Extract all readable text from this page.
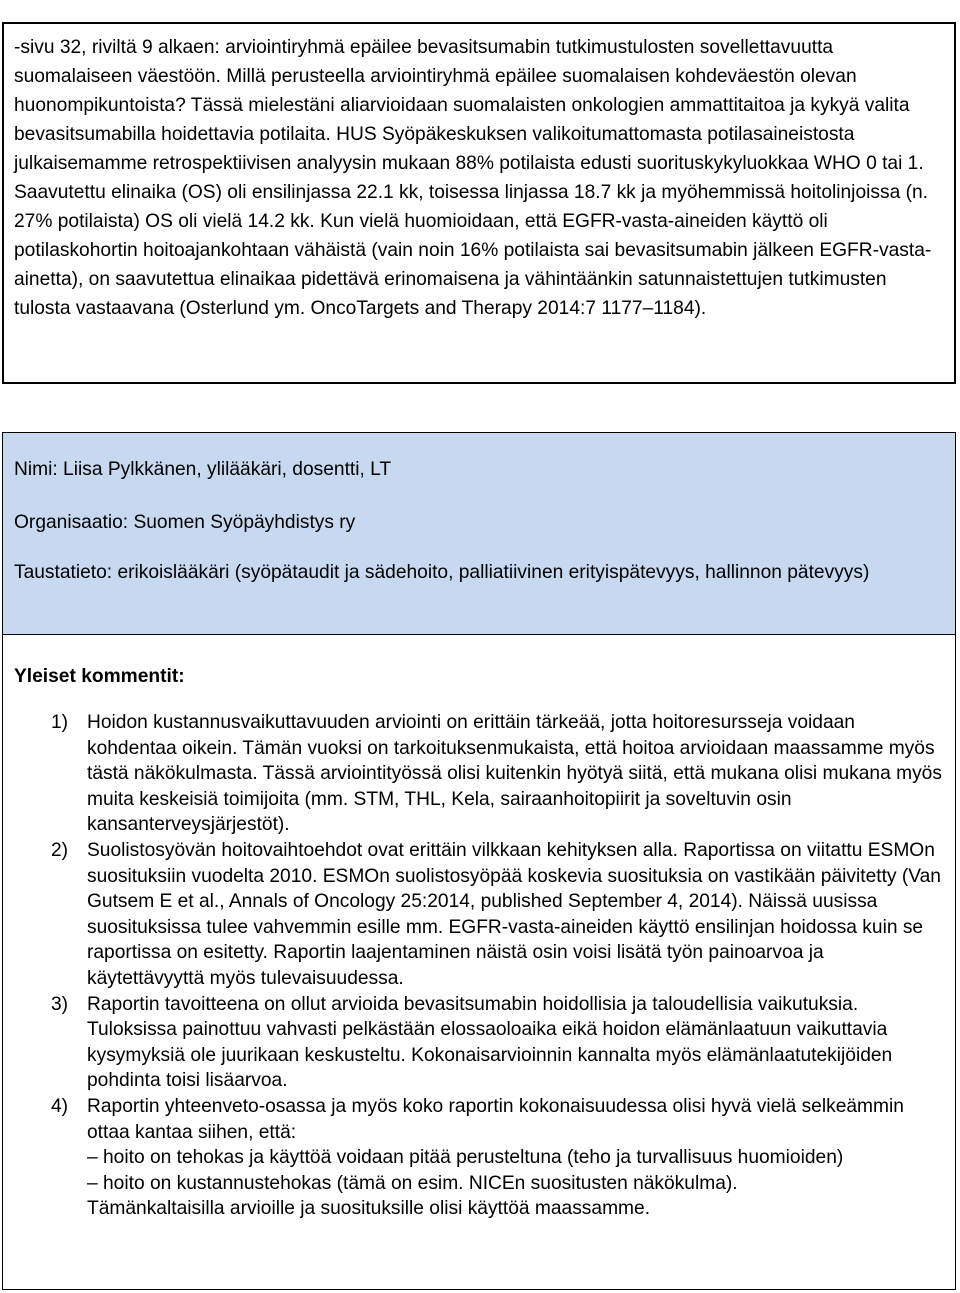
-sivu 32, riviltä 9 alkaen: arviointiryhmä epäilee bevasitsumabin tutkimustulosten sovellettavuutta suomalaiseen väestöön. Millä perusteella arviointiryhmä epäilee suomalaisen kohdeväestön olevan huonompikuntoista? Tässä mielestäni aliarvioidaan suomalaisten onkologien ammattitaitoa ja kykyä valita bevasitsumabilla hoidettavia potilaita. HUS Syöpäkeskuksen valikoitumattomasta potilasaineistosta julkaisemamme retrospektiivisen analyysin mukaan 88% potilaista edusti suorituskykyluokkaa WHO 0 tai 1. Saavutettu elinaika (OS) oli ensilinjassa 22.1 kk, toisessa linjassa 18.7 kk ja myöhemmissä hoitolinjoissa (n. 27% potilaista) OS oli vielä 14.2 kk. Kun vielä huomioidaan, että EGFR-vasta-aineiden käyttö oli potilaskohortin hoitoajankohtaan vähäistä (vain noin 16% potilaista sai bevasitsumabin jälkeen EGFR-vasta-ainetta), on saavutettua elinaikaa pidettävä erinomaisena ja vähintäänkin satunnaistettujen tutkimusten tulosta vastaavana (Osterlund ym. OncoTargets and Therapy 2014:7 1177–1184).

Nimi: Liisa Pylkkänen, ylilääkäri, dosentti, LT

Organisaatio: Suomen Syöpäyhdistys ry

Taustatieto: erikoislääkäri (syöpätaudit ja sädehoito, palliatiivinen erityispätevyys, hallinnon pätevyys)

Yleiset kommentit:

1) Hoidon kustannusvaikuttavuuden arviointi on erittäin tärkeää, jotta hoitoresursseja voidaan kohdentaa oikein. Tämän vuoksi on tarkoituksenmukaista, että hoitoa arvioidaan maassamme myös tästä näkökulmasta. Tässä arviointityössä olisi kuitenkin hyötyä siitä, että mukana olisi mukana myös muita keskeisiä toimijoita (mm. STM, THL, Kela, sairaanhoitopiirit ja soveltuvin osin kansanterveysjärjestöt).
2) Suolistosyövän hoitovaihtoehdot ovat erittäin vilkkaan kehityksen alla. Raportissa on viitattu ESMOn suosituksiin vuodelta 2010. ESMOn suolistosyöpää koskevia suosituksia on vastikään päivitetty (Van Gutsem E et al., Annals of Oncology 25:2014, published September 4, 2014). Näissä uusissa suosituksissa tulee vahvemmin esille mm. EGFR-vasta-aineiden käyttö ensilinjan hoidossa kuin se raportissa on esitetty. Raportin laajentaminen näistä osin voisi lisätä työn painoarvoa ja käytettävyyttä myös tulevaisuudessa.
3) Raportin tavoitteena on ollut arvioida bevasitsumabin hoidollisia ja taloudellisia vaikutuksia. Tuloksissa painottuu vahvasti pelkästään elossaoloaika eikä hoidon elämänlaatuun vaikuttavia kysymyksiä ole juurikaan keskusteltu. Kokonaisarvioinnin kannalta myös elämänlaatutekijöiden pohdinta toisi lisäarvoa.
4) Raportin yhteenveto-osassa ja myös koko raportin kokonaisuudessa olisi hyvä vielä selkeämmin ottaa kantaa siihen, että:
– hoito on tehokas ja käyttöä voidaan pitää perusteltuna (teho ja turvallisuus huomioiden)
– hoito on kustannustehokas (tämä on esim. NICEn suositusten näkökulma).
Tämänkaltaisilla arvioille ja suosituksille olisi käyttöä maassamme.
